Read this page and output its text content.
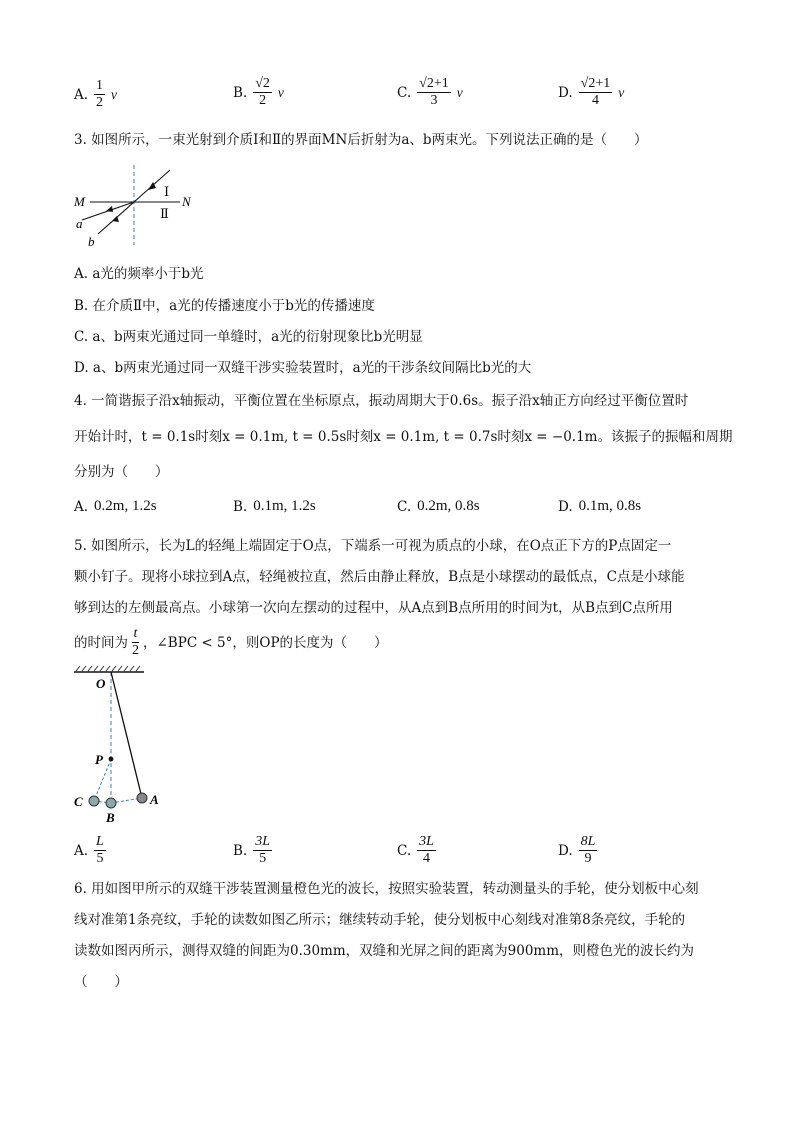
A. $\frac{1}{2}$ v	B. $\frac{√2}{2}$ v	C. $\frac{√2+1}{3}$ v	D. $\frac{√2+1}{4}$ v
3. 如图所示，一束光射到介质Ⅰ和Ⅱ的界面MN后折射为a、b两束光。下列说法正确的是（　　）
M	N
Ⅰ
Ⅱ
a
b
A. a光的频率小于b光
B. 在介质Ⅱ中，a光的传播速度小于b光的传播速度
C. a、b两束光通过同一单缝时，a光的衍射现象比b光明显
D. a、b两束光通过同一双缝干涉实验装置时，a光的干涉条纹间隔比b光的大
4. 一简谐振子沿x轴振动，平衡位置在坐标原点，振动周期大于0.6s。振子沿x轴正方向经过平衡位置时
开始计时，t = 0.1s时刻x = 0.1m, t = 0.5s时刻x = 0.1m, t = 0.7s时刻x = −0.1m。该振子的振幅和周期
分别为（　　）
A. 0.2m, 1.2s	B. 0.1m, 1.2s	C. 0.2m, 0.8s	D. 0.1m, 0.8s
5. 如图所示，长为L的轻绳上端固定于O点，下端系一可视为质点的小球，在O点正下方的P点固定一
颗小钉子。现将小球拉到A点，轻绳被拉直，然后由静止释放，B点是小球摆动的最低点，C点是小球能
够到达的左侧最高点。小球第一次向左摆动的过程中，从A点到B点所用的时间为t，从B点到C点所用
的时间为 $\frac{t}{2}$ ，∠BPC < 5°，则OP的长度为（　　）
O
P
A
B
C
A. $\frac{L}{5}$	B. $\frac{3L}{5}$	C. $\frac{3L}{4}$	D. $\frac{8L}{9}$
6. 用如图甲所示的双缝干涉装置测量橙色光的波长，按照实验装置，转动测量头的手轮，使分划板中心刻
线对准第1条亮纹，手轮的读数如图乙所示；继续转动手轮，使分划板中心刻线对准第8条亮纹，手轮的
读数如图丙所示，测得双缝的间距为0.30mm，双缝和光屏之间的距离为900mm，则橙色光的波长约为
（　　）
